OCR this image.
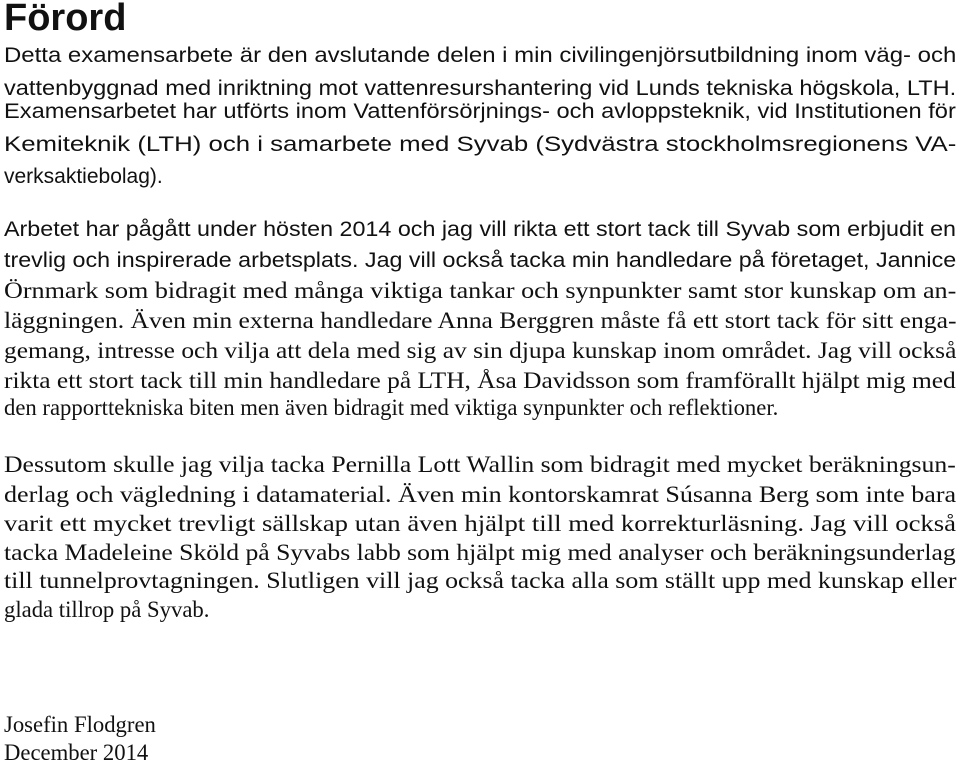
Förord
Detta examensarbete är den avslutande delen i min civilingenjörsutbildning inom väg- och
vattenbyggnad med inriktning mot vattenresurshantering vid Lunds tekniska högskola, LTH.
Examensarbetet har utförts inom Vattenförsörjnings- och avloppsteknik, vid Institutionen för
Kemiteknik (LTH) och i samarbete med Syvab (Sydvästra stockholmsregionens VA-
verksaktiebolag).
Arbetet har pågått under hösten 2014 och jag vill rikta ett stort tack till Syvab som erbjudit en
trevlig och inspirerade arbetsplats. Jag vill också tacka min handledare på företaget, Jannice
Örnmark som bidragit med många viktiga tankar och synpunkter samt stor kunskap om an-
läggningen. Även min externa handledare Anna Berggren måste få ett stort tack för sitt enga-
gemang, intresse och vilja att dela med sig av sin djupa kunskap inom området. Jag vill också
rikta ett stort tack till min handledare på LTH, Åsa Davidsson som framförallt hjälpt mig med
den rapporttekniska biten men även bidragit med viktiga synpunkter och reflektioner.
Dessutom skulle jag vilja tacka Pernilla Lott Wallin som bidragit med mycket beräkningsun-
derlag och vägledning i datamaterial. Även min kontorskamrat Súsanna Berg som inte bara
varit ett mycket trevligt sällskap utan även hjälpt till med korrekturläsning. Jag vill också
tacka Madeleine Sköld på Syvabs labb som hjälpt mig med analyser och beräkningsunderlag
till tunnelprovtagningen. Slutligen vill jag också tacka alla som ställt upp med kunskap eller
glada tillrop på Syvab.
Josefin Flodgren
December 2014
